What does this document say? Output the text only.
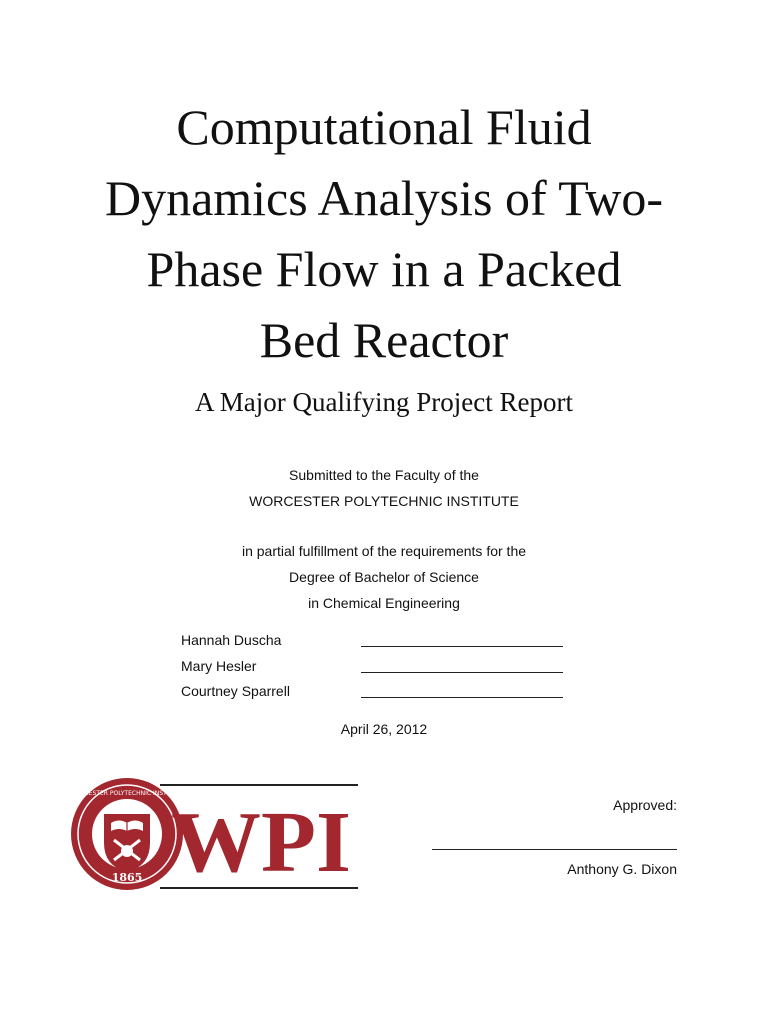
Computational Fluid
Dynamics Analysis of Two-
Phase Flow in a Packed
Bed Reactor
A Major Qualifying Project Report
Submitted to the Faculty of the
WORCESTER POLYTECHNIC INSTITUTE
in partial fulfillment of the requirements for the
Degree of Bachelor of Science
in Chemical Engineering
Hannah Duscha
Mary Hesler
Courtney Sparrell
April 26, 2012
WORCESTER POLYTECHNIC INSTITUTE
1865 WPI	Approved:
Anthony G. Dixon
